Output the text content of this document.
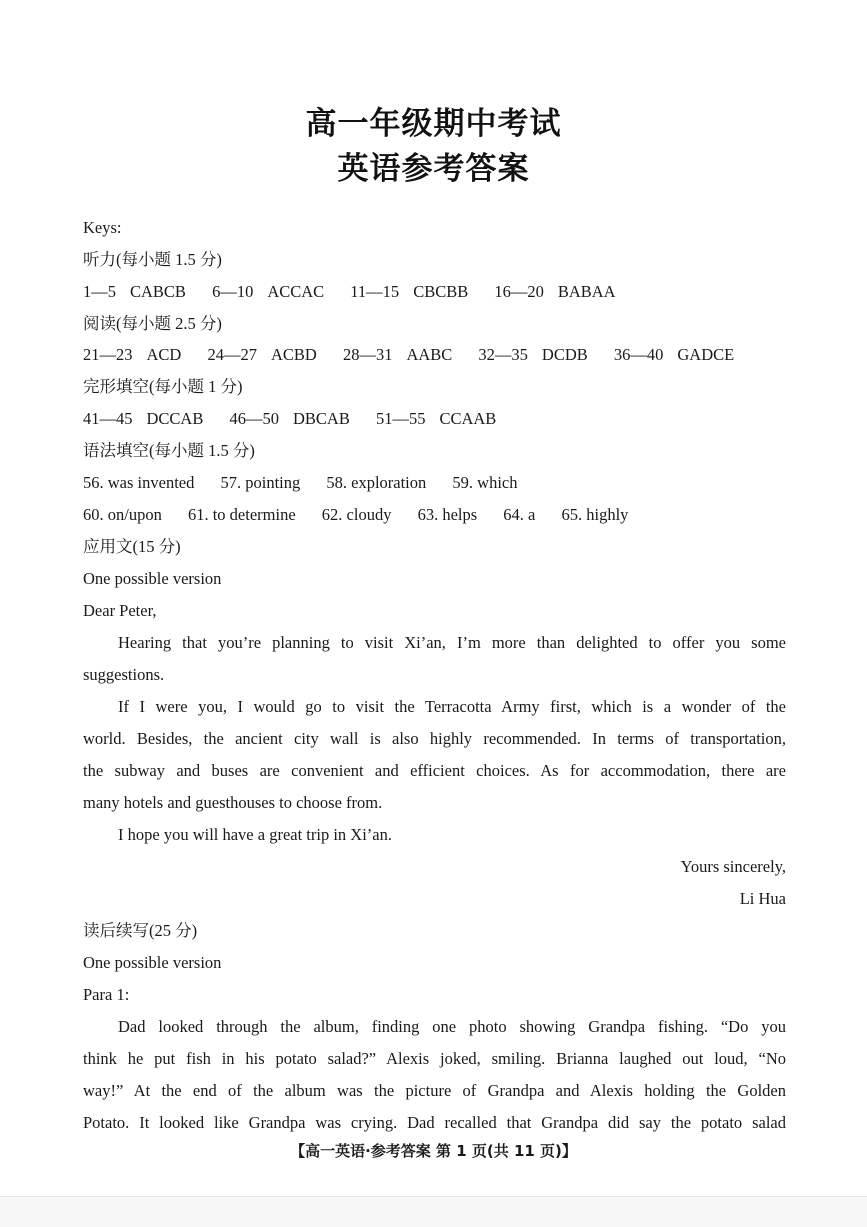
高一年级期中考试
英语参考答案
Keys:
听力(每小题 1.5 分)
1—5 CABCB 6—10 ACCAC 11—15 CBCBB 16—20 BABAA
阅读(每小题 2.5 分)
21—23 ACD 24—27 ACBD 28—31 AABC 32—35 DCDB 36—40 GADCE
完形填空(每小题 1 分)
41—45 DCCAB 46—50 DBCAB 51—55 CCAAB
语法填空(每小题 1.5 分)
56. was invented 57. pointing 58. exploration 59. which
60. on/upon 61. to determine 62. cloudy 63. helps 64. a 65. highly
应用文(15 分)
One possible version
Dear Peter,
Hearing that you’re planning to visit Xi’an, I’m more than delighted to offer you some
suggestions.
If I were you, I would go to visit the Terracotta Army first, which is a wonder of the
world. Besides, the ancient city wall is also highly recommended. In terms of transportation,
the subway and buses are convenient and efficient choices. As for accommodation, there are
many hotels and guesthouses to choose from.
I hope you will have a great trip in Xi’an.
Yours sincerely,
Li Hua
读后续写(25 分)
One possible version
Para 1:
Dad looked through the album, finding one photo showing Grandpa fishing. “Do you
think he put fish in his potato salad?” Alexis joked, smiling. Brianna laughed out loud, “No
way!” At the end of the album was the picture of Grandpa and Alexis holding the Golden
Potato. It looked like Grandpa was crying. Dad recalled that Grandpa did say the potato salad
【高一英语·参考答案 第 1 页(共 11 页)】
